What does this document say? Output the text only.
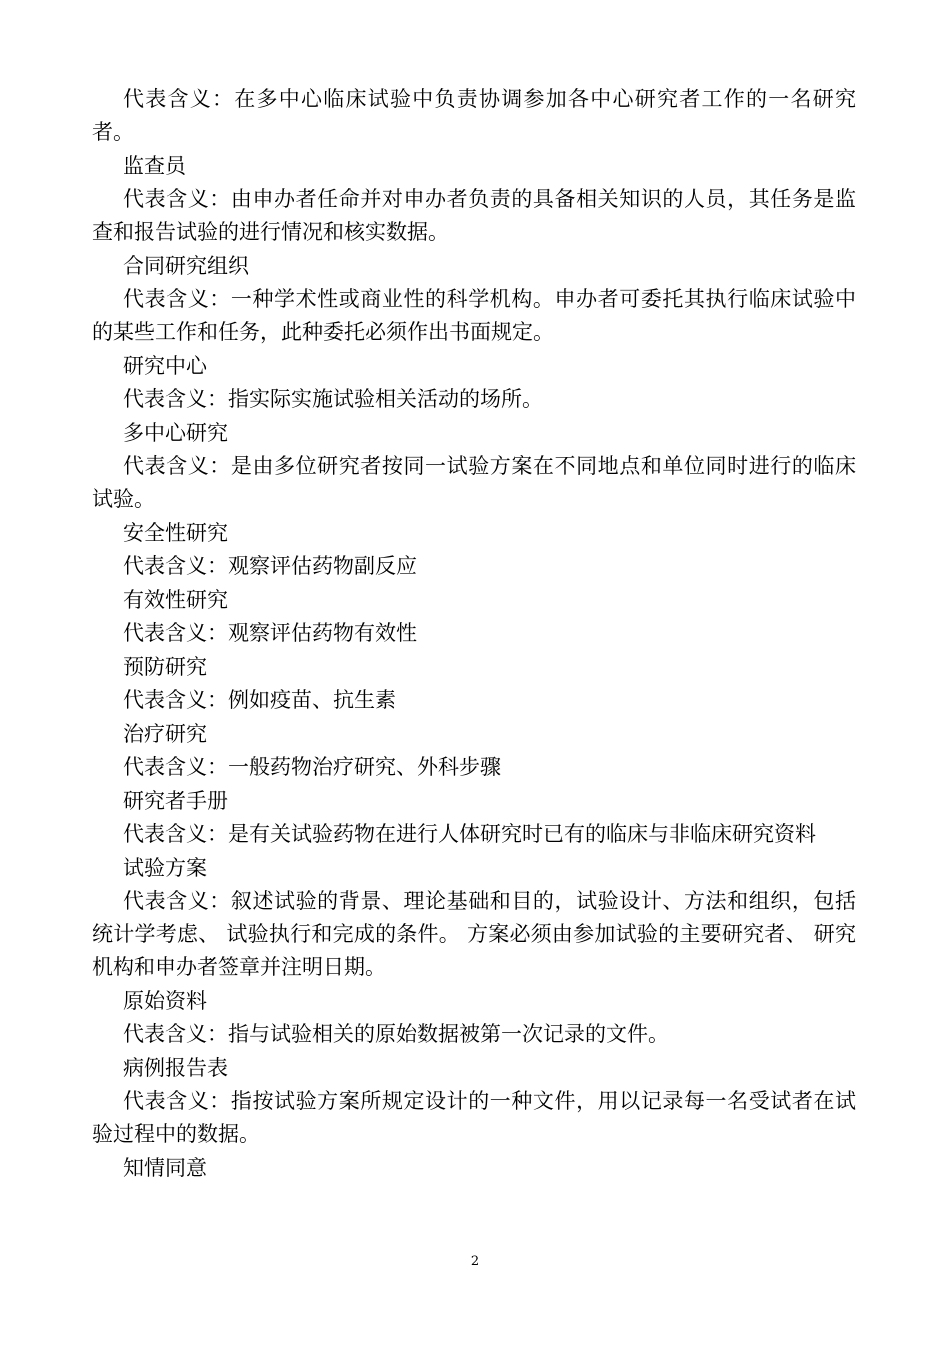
代表含义：在多中心临床试验中负责协调参加各中心研究者工作的一名研究者。

监查员

代表含义：由申办者任命并对申办者负责的具备相关知识的人员，其任务是监查和报告试验的进行情况和核实数据。

合同研究组织

代表含义：一种学术性或商业性的科学机构。申办者可委托其执行临床试验中的某些工作和任务，此种委托必须作出书面规定。

研究中心

代表含义：指实际实施试验相关活动的场所。

多中心研究

代表含义：是由多位研究者按同一试验方案在不同地点和单位同时进行的临床试验。

安全性研究

代表含义：观察评估药物副反应

有效性研究

代表含义：观察评估药物有效性

预防研究

代表含义：例如疫苗、抗生素

治疗研究

代表含义：一般药物治疗研究、外科步骤

研究者手册

代表含义：是有关试验药物在进行人体研究时已有的临床与非临床研究资料

试验方案

代表含义：叙述试验的背景、理论基础和目的，试验设计、方法和组织，包括统计学考虑、 试验执行和完成的条件。 方案必须由参加试验的主要研究者、 研究机构和申办者签章并注明日期。

原始资料

代表含义：指与试验相关的原始数据被第一次记录的文件。

病例报告表

代表含义：指按试验方案所规定设计的一种文件，用以记录每一名受试者在试验过程中的数据。

知情同意

2
